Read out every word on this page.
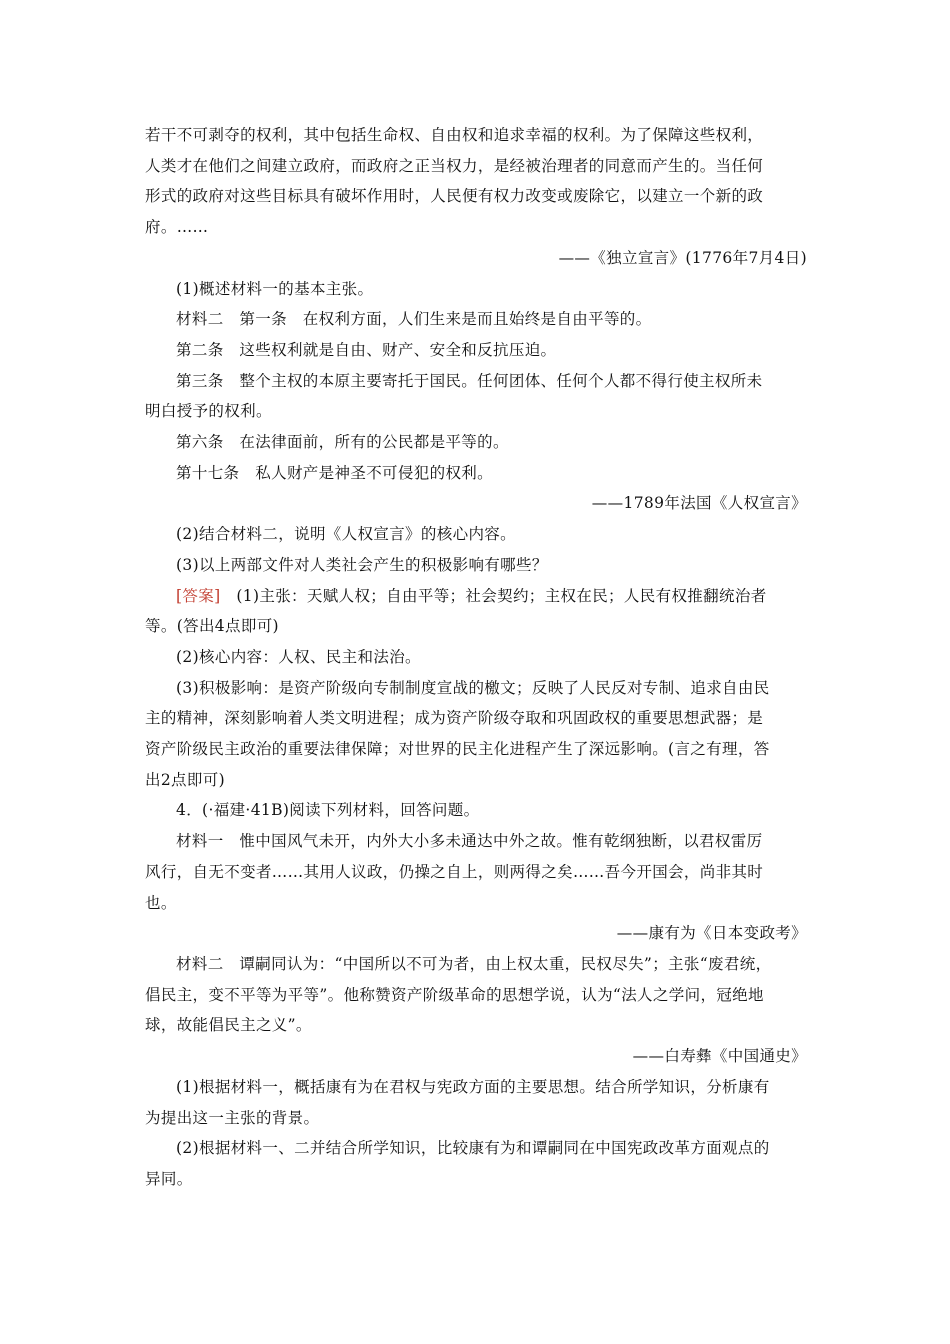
若干不可剥夺的权利，其中包括生命权、自由权和追求幸福的权利。为了保障这些权利，
人类才在他们之间建立政府，而政府之正当权力，是经被治理者的同意而产生的。当任何
形式的政府对这些目标具有破坏作用时，人民便有权力改变或废除它，以建立一个新的政
府。……
——《独立宣言》(1776年7月4日)
(1)概述材料一的基本主张。
材料二　第一条　在权利方面，人们生来是而且始终是自由平等的。
第二条　这些权利就是自由、财产、安全和反抗压迫。
第三条　整个主权的本原主要寄托于国民。任何团体、任何个人都不得行使主权所未
明白授予的权利。
第六条　在法律面前，所有的公民都是平等的。
第十七条　私人财产是神圣不可侵犯的权利。
——1789年法国《人权宣言》
(2)结合材料二，说明《人权宣言》的核心内容。
(3)以上两部文件对人类社会产生的积极影响有哪些？
[答案]　(1)主张：天赋人权；自由平等；社会契约；主权在民；人民有权推翻统治者
等。(答出4点即可)
(2)核心内容：人权、民主和法治。
(3)积极影响：是资产阶级向专制制度宣战的檄文；反映了人民反对专制、追求自由民
主的精神，深刻影响着人类文明进程；成为资产阶级夺取和巩固政权的重要思想武器；是
资产阶级民主政治的重要法律保障；对世界的民主化进程产生了深远影响。(言之有理，答
出2点即可)
4．(·福建·41B)阅读下列材料，回答问题。
材料一　惟中国风气未开，内外大小多未通达中外之故。惟有乾纲独断，以君权雷厉
风行，自无不变者……其用人议政，仍操之自上，则两得之矣……吾今开国会，尚非其时
也。
——康有为《日本变政考》
材料二　谭嗣同认为：“中国所以不可为者，由上权太重，民权尽失”；主张“废君统，
倡民主，变不平等为平等”。他称赞资产阶级革命的思想学说，认为“法人之学问，冠绝地
球，故能倡民主之义”。
——白寿彝《中国通史》
(1)根据材料一，概括康有为在君权与宪政方面的主要思想。结合所学知识，分析康有
为提出这一主张的背景。
(2)根据材料一、二并结合所学知识，比较康有为和谭嗣同在中国宪政改革方面观点的
异同。
